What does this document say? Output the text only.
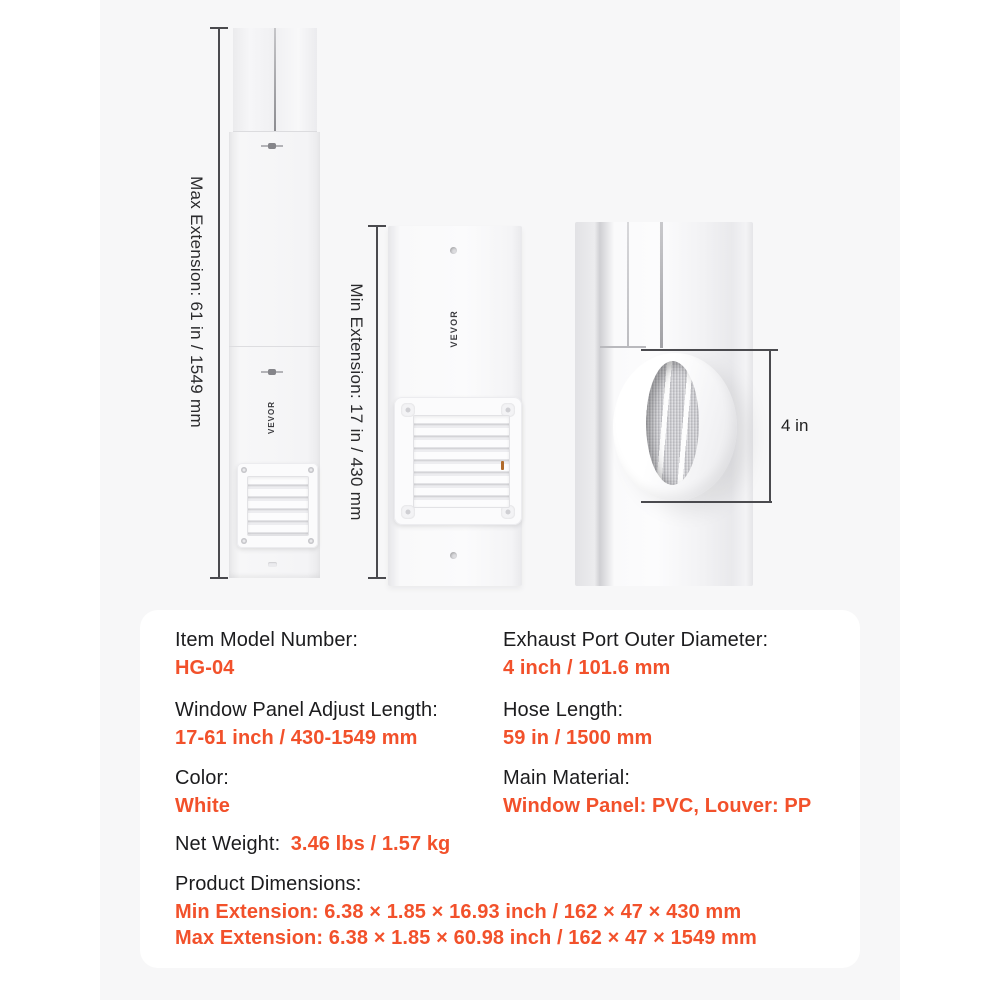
Max Extension: 61 in / 1549 mm	VEVOR	Min Extension: 17 in / 430 mm	VEVOR
4 in
Item Model Number:
HG-04
Exhaust Port Outer Diameter:
4 inch / 101.6 mm
Window Panel Adjust Length:
17-61 inch / 430-1549 mm
Hose Length:
59 in / 1500 mm
Color:
White
Main Material:
Window Panel: PVC, Louver: PP
Net Weight: 3.46 lbs / 1.57 kg
Product Dimensions:
Min Extension: 6.38 × 1.85 × 16.93 inch / 162 × 47 × 430 mm
Max Extension: 6.38 × 1.85 × 60.98 inch / 162 × 47 × 1549 mm
